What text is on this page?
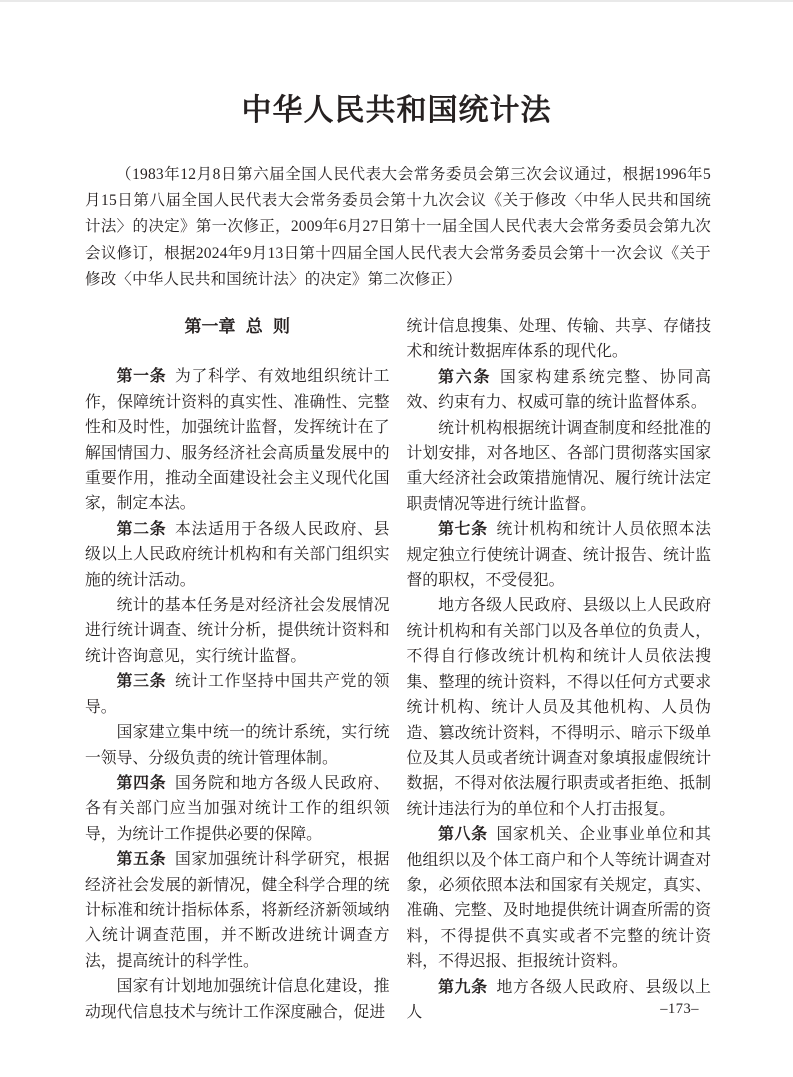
中华人民共和国统计法
（1983年12月8日第六届全国人民代表大会常务委员会第三次会议通过，根据1996年5月15日第八届全国人民代表大会常务委员会第十九次会议《关于修改〈中华人民共和国统计法〉的决定》第一次修正，2009年6月27日第十一届全国人民代表大会常务委员会第九次会议修订，根据2024年9月13日第十四届全国人民代表大会常务委员会第十一次会议《关于修改〈中华人民共和国统计法〉的决定》第二次修正）

第一章 总 则

第一条 为了科学、有效地组织统计工作，保障统计资料的真实性、准确性、完整性和及时性，加强统计监督，发挥统计在了解国情国力、服务经济社会高质量发展中的重要作用，推动全面建设社会主义现代化国家，制定本法。

第二条 本法适用于各级人民政府、县级以上人民政府统计机构和有关部门组织实施的统计活动。

统计的基本任务是对经济社会发展情况进行统计调查、统计分析，提供统计资料和统计咨询意见，实行统计监督。

第三条 统计工作坚持中国共产党的领导。

国家建立集中统一的统计系统，实行统一领导、分级负责的统计管理体制。

第四条 国务院和地方各级人民政府、各有关部门应当加强对统计工作的组织领导，为统计工作提供必要的保障。

第五条 国家加强统计科学研究，根据经济社会发展的新情况，健全科学合理的统计标准和统计指标体系，将新经济新领域纳入统计调查范围，并不断改进统计调查方法，提高统计的科学性。

国家有计划地加强统计信息化建设，推动现代信息技术与统计工作深度融合，促进

统计信息搜集、处理、传输、共享、存储技术和统计数据库体系的现代化。

第六条 国家构建系统完整、协同高效、约束有力、权威可靠的统计监督体系。

统计机构根据统计调查制度和经批准的计划安排，对各地区、各部门贯彻落实国家重大经济社会政策措施情况、履行统计法定职责情况等进行统计监督。

第七条 统计机构和统计人员依照本法规定独立行使统计调查、统计报告、统计监督的职权，不受侵犯。

地方各级人民政府、县级以上人民政府统计机构和有关部门以及各单位的负责人，不得自行修改统计机构和统计人员依法搜集、整理的统计资料，不得以任何方式要求统计机构、统计人员及其他机构、人员伪造、篡改统计资料，不得明示、暗示下级单位及其人员或者统计调查对象填报虚假统计数据，不得对依法履行职责或者拒绝、抵制统计违法行为的单位和个人打击报复。

第八条 国家机关、企业事业单位和其他组织以及个体工商户和个人等统计调查对象，必须依照本法和国家有关规定，真实、准确、完整、及时地提供统计调查所需的资料，不得提供不真实或者不完整的统计资料，不得迟报、拒报统计资料。

第九条 地方各级人民政府、县级以上人	–173–
